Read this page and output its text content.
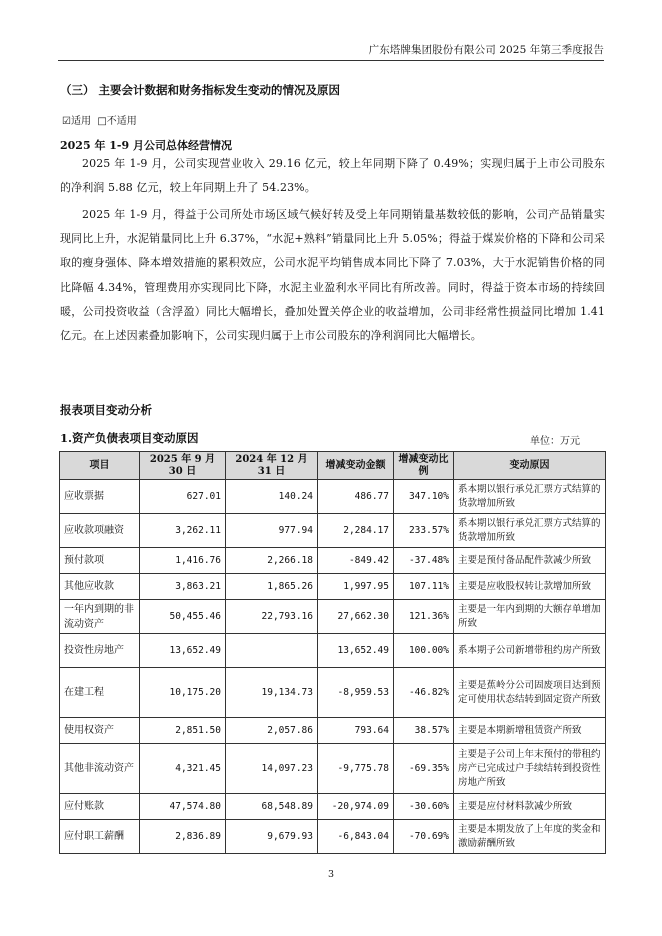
广东塔牌集团股份有限公司 2025 年第三季度报告
（三） 主要会计数据和财务指标发生变动的情况及原因
☑适用 □不适用
2025 年 1-9 月公司总体经营情况
2025 年 1-9 月，公司实现营业收入 29.16 亿元，较上年同期下降了 0.49%；实现归属于上市公司股东的净利润 5.88 亿元，较上年同期上升了 54.23%。
2025 年 1-9 月，得益于公司所处市场区域气候好转及受上年同期销量基数较低的影响，公司产品销量实现同比上升，水泥销量同比上升 6.37%，“水泥+熟料”销量同比上升 5.05%；得益于煤炭价格的下降和公司采取的瘦身强体、降本增效措施的累积效应，公司水泥平均销售成本同比下降了 7.03%，大于水泥销售价格的同比降幅 4.34%，管理费用亦实现同比下降，水泥主业盈利水平同比有所改善。同时，得益于资本市场的持续回暖，公司投资收益（含浮盈）同比大幅增长，叠加处置关停企业的收益增加，公司非经常性损益同比增加 1.41 亿元。在上述因素叠加影响下，公司实现归属于上市公司股东的净利润同比大幅增长。
报表项目变动分析
1.资产负债表项目变动原因	单位：万元
项目	2025 年 9 月 30 日	2024 年 12 月 31 日	增减变动金额	增减变动比例	变动原因
应收票据	627.01	140.24	486.77	347.10%	系本期以银行承兑汇票方式结算的货款增加所致
应收款项融资	3,262.11	977.94	2,284.17	233.57%	系本期以银行承兑汇票方式结算的货款增加所致
预付款项	1,416.76	2,266.18	-849.42	-37.48%	主要是预付备品配件款减少所致
其他应收款	3,863.21	1,865.26	1,997.95	107.11%	主要是应收股权转让款增加所致
一年内到期的非流动资产	50,455.46	22,793.16	27,662.30	121.36%	主要是一年内到期的大额存单增加所致
投资性房地产	13,652.49		13,652.49	100.00%	系本期子公司新增带租约房产所致
在建工程	10,175.20	19,134.73	-8,959.53	-46.82%	主要是蕉岭分公司固废项目达到预定可使用状态结转到固定资产所致
使用权资产	2,851.50	2,057.86	793.64	38.57%	主要是本期新增租赁资产所致
其他非流动资产	4,321.45	14,097.23	-9,775.78	-69.35%	主要是子公司上年末预付的带租约房产已完成过户手续结转到投资性房地产所致
应付账款	47,574.80	68,548.89	-20,974.09	-30.60%	主要是应付材料款减少所致
应付职工薪酬	2,836.89	9,679.93	-6,843.04	-70.69%	主要是本期发放了上年度的奖金和激励薪酬所致
3
